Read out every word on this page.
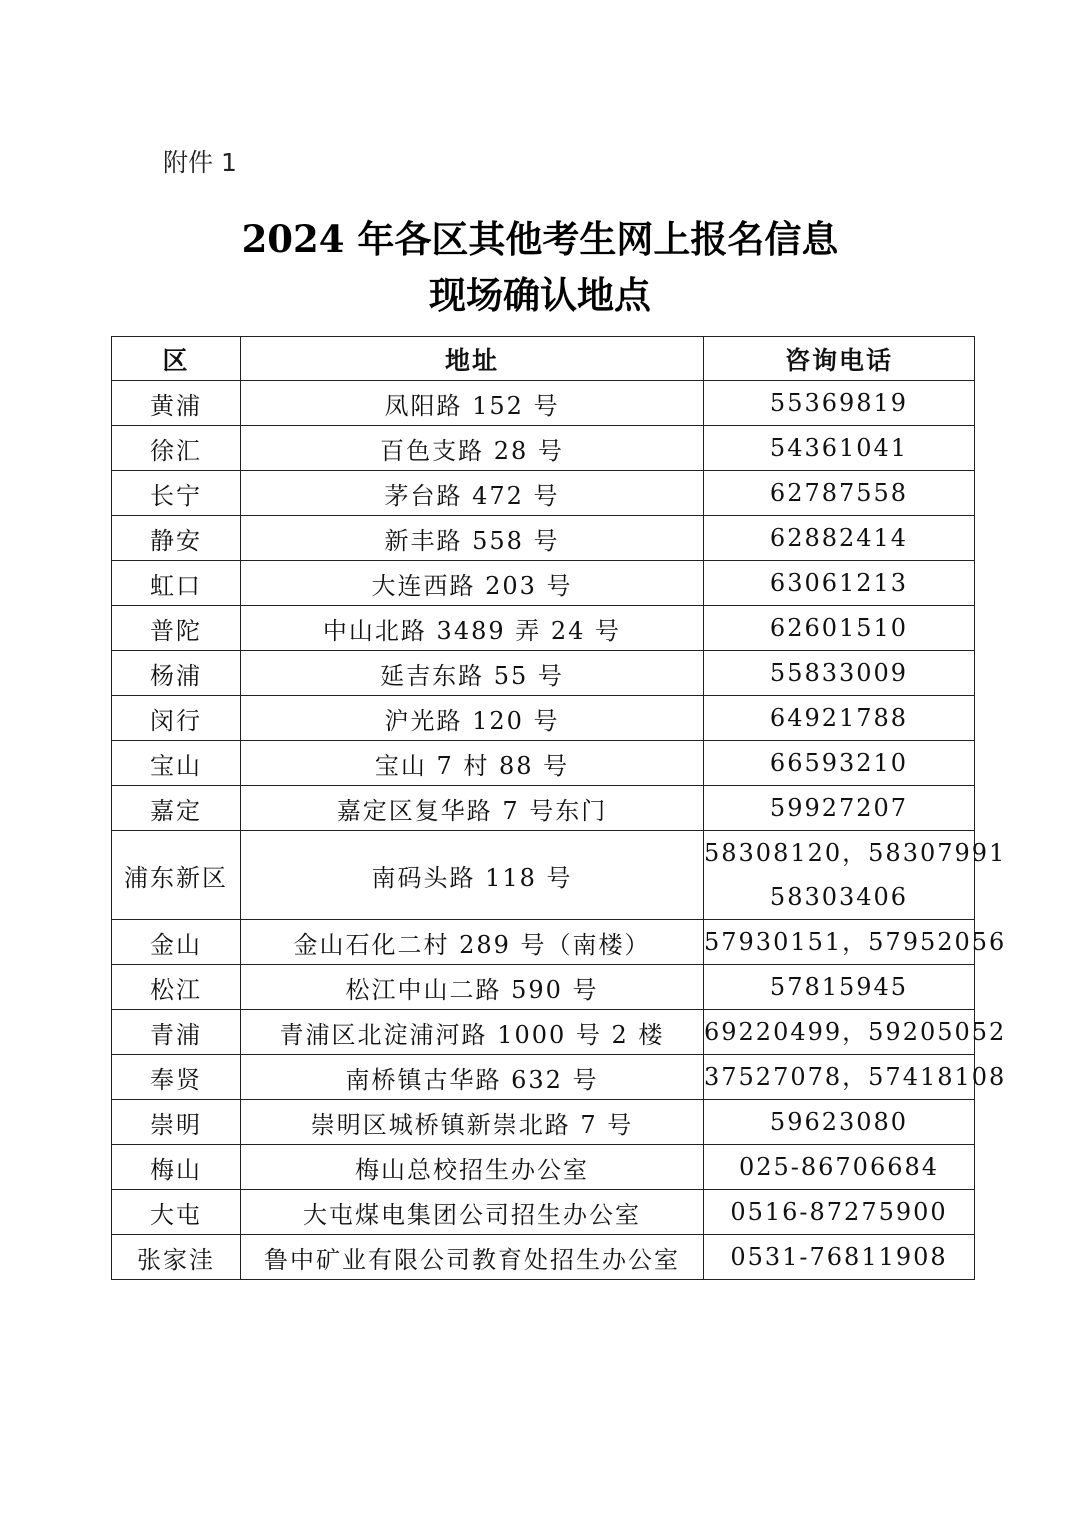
附件 1
2024 年各区其他考生网上报名信息
现场确认地点
区	地址	咨询电话
黄浦	凤阳路 152 号	55369819

徐汇	百色支路 28 号	54361041

长宁	茅台路 472 号	62787558

静安	新丰路 558 号	62882414

虹口	大连西路 203 号	63061213

普陀	中山北路 3489 弄 24 号	62601510

杨浦	延吉东路 55 号	55833009

闵行	沪光路 120 号	64921788

宝山	宝山 7 村 88 号	66593210

嘉定	嘉定区复华路 7 号东门	59927207

浦东新区	南码头路 118 号	58308120，58307991
58303406

金山	金山石化二村 289 号（南楼）	57930151，57952056

松江	松江中山二路 590 号	57815945

青浦	青浦区北淀浦河路 1000 号 2 楼	69220499，59205052

奉贤	南桥镇古华路 632 号	37527078，57418108

崇明	崇明区城桥镇新崇北路 7 号	59623080

梅山	梅山总校招生办公室	025-86706684

大屯	大屯煤电集团公司招生办公室	0516-87275900

张家洼	鲁中矿业有限公司教育处招生办公室	0531-76811908
